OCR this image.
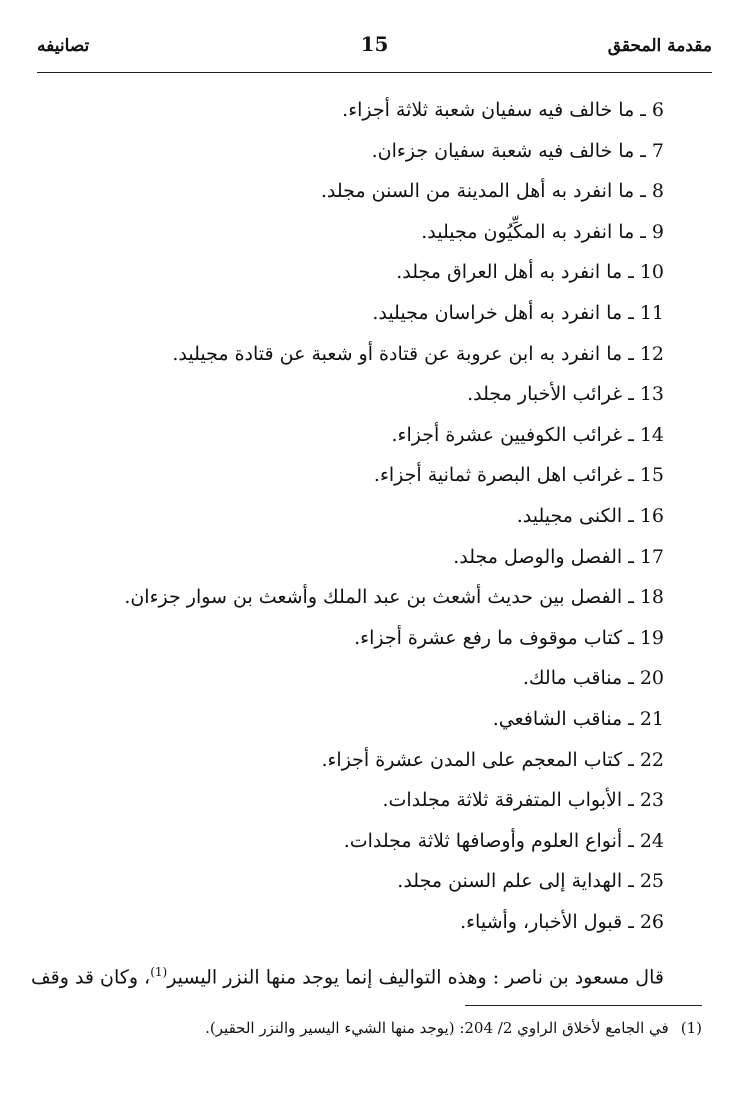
مقدمة المحقق
15
تصانيفه
6 ـ ما خالف فيه سفيان شعبة ثلاثة أجزاء.
7 ـ ما خالف فيه شعبة سفيان جزءان.
8 ـ ما انفرد به أهل المدينة من السنن مجلد.
9 ـ ما انفرد به المكِّيُون مجيليد.
10 ـ ما انفرد به أهل العراق مجلد.
11 ـ ما انفرد به أهل خراسان مجيليد.
12 ـ ما انفرد به ابن عروبة عن قتادة أو شعبة عن قتادة مجيليد.
13 ـ غرائب الأخبار مجلد.
14 ـ غرائب الكوفيين عشرة أجزاء.
15 ـ غرائب اهل البصرة ثمانية أجزاء.
16 ـ الكنى مجيليد.
17 ـ الفصل والوصل مجلد.
18 ـ الفصل بين حديث أشعث بن عبد الملك وأشعث بن سوار جزءان.
19 ـ كتاب موقوف ما رفع عشرة أجزاء.
20 ـ مناقب مالك.
21 ـ مناقب الشافعي.
22 ـ كتاب المعجم على المدن عشرة أجزاء.
23 ـ الأبواب المتفرقة ثلاثة مجلدات.
24 ـ أنواع العلوم وأوصافها ثلاثة مجلدات.
25 ـ الهداية إلى علم السنن مجلد.
26 ـ قبول الأخبار، وأشياء.
قال مسعود بن ناصر : وهذه التواليف إنما يوجد منها النزر اليسير$^{(1)}$، وكان قد وقف
(1)في الجامع لأخلاق الراوي 2/ 204: (يوجد منها الشيء اليسير والنزر الحقير).
